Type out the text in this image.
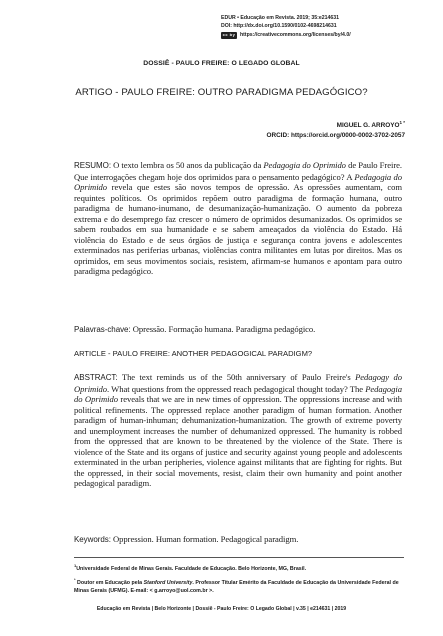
EDUR • Educação em Revista. 2019; 35:e214631
DOI: http://dx.doi.org/10.1590/0102-4698214631
cc by https://creativecommons.org/licenses/by/4.0/
DOSSIÊ - PAULO FREIRE: O LEGADO GLOBAL
ARTIGO - PAULO FREIRE: OUTRO PARADIGMA PEDAGÓGICO?
MIGUEL G. $ARROYO^{1 *}$
ORCID: https://orcid.org/0000-0002-3702-2057
RESUMO: O texto lembra os 50 anos da publicação da Pedagogia do Oprimido de Paulo Freire. Que interrogações chegam hoje dos oprimidos para o pensamento pedagógico? A Pedagogia do Oprimido revela que estes são novos tempos de opressão. As opressões aumentam, com requintes políticos. Os oprimidos repõem outro paradigma de formação humana, outro paradigma de humano-inumano, de desumanização-humanização. O aumento da pobreza extrema e do desemprego faz crescer o número de oprimidos desumanizados. Os oprimidos se sabem roubados em sua humanidade e se sabem ameaçados da violência do Estado. Há violência do Estado e de seus órgãos de justiça e segurança contra jovens e adolescentes exterminados nas periferias urbanas, violências contra militantes em lutas por direitos. Mas os oprimidos, em seus movimentos sociais, resistem, afirmam-se humanos e apontam para outro paradigma pedagógico.
Palavras-chave: Opressão. Formação humana. Paradigma pedagógico.
ARTICLE - PAULO FREIRE: ANOTHER PEDAGOGICAL PARADIGM?
ABSTRACT: The text reminds us of the 50th anniversary of Paulo Freire's Pedagogy do Oprimido. What questions from the oppressed reach pedagogical thought today? The Pedagogia do Oprimido reveals that we are in new times of oppression. The oppressions increase and with political refinements. The oppressed replace another paradigm of human formation. Another paradigm of human-inhuman; dehumanization-humanization. The growth of extreme poverty and unemployment increases the number of dehumanized oppressed. The humanity is robbed from the oppressed that are known to be threatened by the violence of the State. There is violence of the State and its organs of justice and security against young people and adolescents exterminated in the urban peripheries, violence against militants that are fighting for rights. But the oppressed, in their social movements, resist, claim their own humanity and point another pedagogical paradigm.
Keywords: Oppression. Human formation. Pedagogical paradigm.

$^1$Universidade Federal de Minas Gerais. Faculdade de Educação. Belo Horizonte, MG, Brasil.

* Doutor em Educação pela Stanford University. Professor Titular Emérito da Faculdade de Educação da Universidade Federal de Minas Gerais (UFMG). E-mail: < g.arroyo@uol.com.br >.

Educação em Revista | Belo Horizonte | Dossiê - Paulo Freire: O Legado Global | v.35 | e214631 | 2019
